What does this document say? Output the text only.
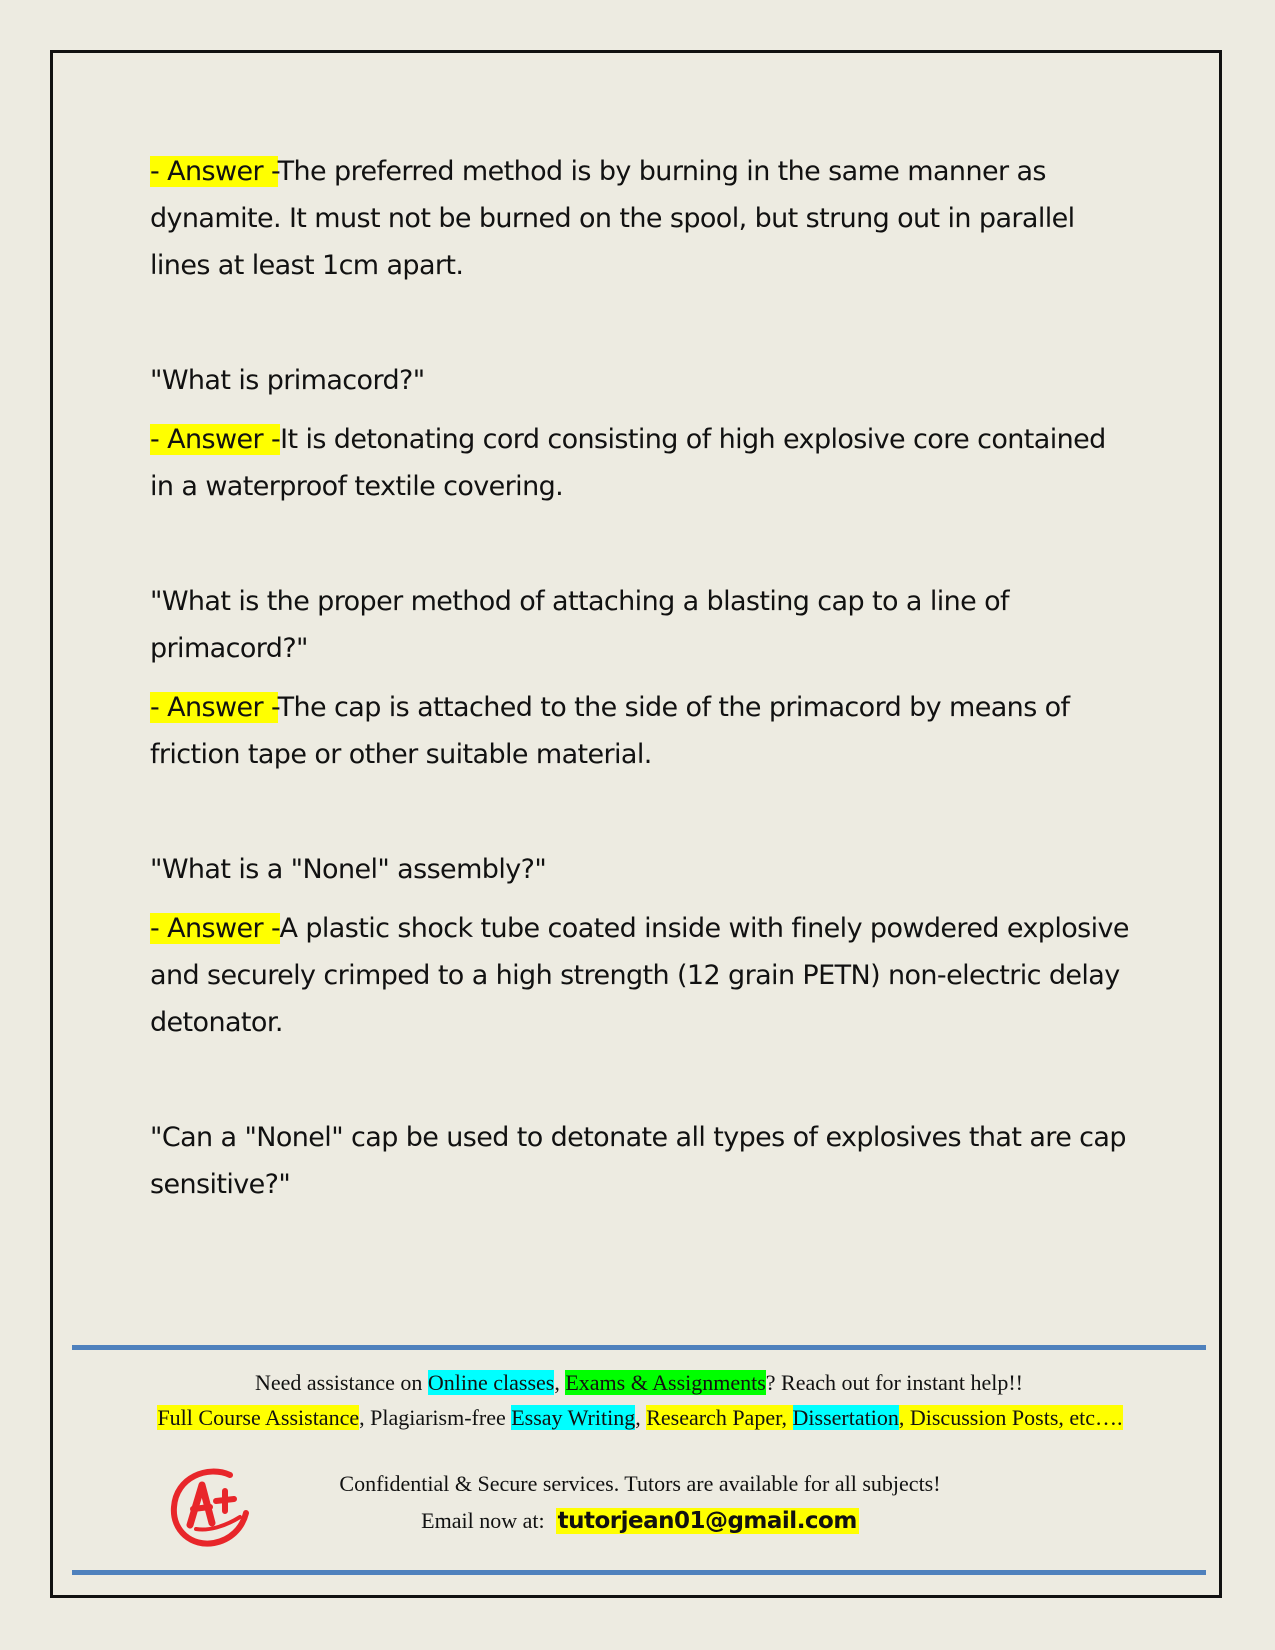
- Answer -The preferred method is by burning in the same manner as dynamite. It must not be burned on the spool, but strung out in parallel lines at least 1cm apart.

"What is primacord?"

- Answer -It is detonating cord consisting of high explosive core contained in a waterproof textile covering.

"What is the proper method of attaching a blasting cap to a line of primacord?"

- Answer -The cap is attached to the side of the primacord by means of friction tape or other suitable material.

"What is a "Nonel" assembly?"

- Answer -A plastic shock tube coated inside with finely powdered explosive and securely crimped to a high strength (12 grain PETN) non-electric delay detonator.

"Can a "Nonel" cap be used to detonate all types of explosives that are cap sensitive?"

Need assistance on Online classes, Exams & Assignments? Reach out for instant help!!
Full Course Assistance, Plagiarism-free Essay Writing, Research Paper, Dissertation, Discussion Posts, etc….
Confidential & Secure services. Tutors are available for all subjects!
Email now at:  tutorjean01@gmail.com
